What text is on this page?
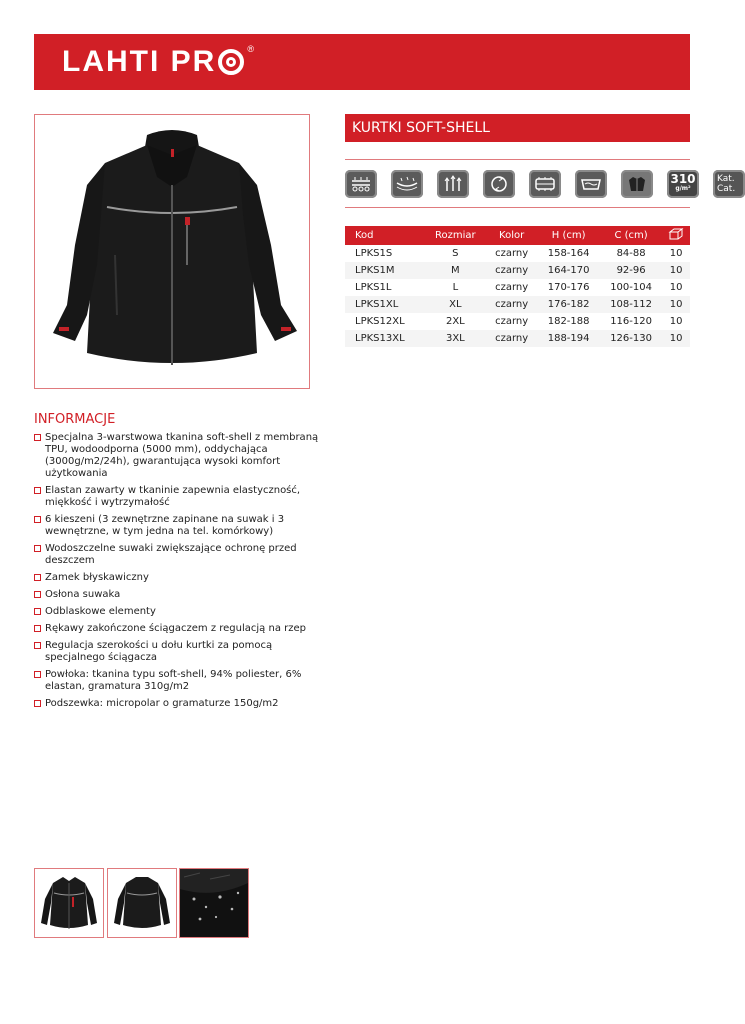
LAHTI PR	®
KURTKI SOFT-SHELL
310
g/m²
Kat.
Cat.
Kod	Rozmiar	Kolor	H (cm)	C (cm)	
LPKS1S	S	czarny	158-164	84-88	10
LPKS1M	M	czarny	164-170	92-96	10
LPKS1L	L	czarny	170-176	100-104	10
LPKS1XL	XL	czarny	176-182	108-112	10
LPKS12XL	2XL	czarny	182-188	116-120	10
LPKS13XL	3XL	czarny	188-194	126-130	10
INFORMACJE
Specjalna 3-warstwowa tkanina soft-shell z membraną TPU, wodoodporna (5000 mm), oddychająca (3000g/m2/24h), gwarantująca wysoki komfort użytkowania
Elastan zawarty w tkaninie zapewnia elastyczność, miękkość i wytrzymałość
6 kieszeni (3 zewnętrzne zapinane na suwak i 3 wewnętrzne, w tym jedna na tel. komórkowy)
Wodoszczelne suwaki zwiększające ochronę przed deszczem
Zamek błyskawiczny
Osłona suwaka
Odblaskowe elementy
Rękawy zakończone ściągaczem z regulacją na rzep
Regulacja szerokości u dołu kurtki za pomocą specjalnego ściągacza
Powłoka: tkanina typu soft-shell, 94% poliester, 6% elastan, gramatura 310g/m2
Podszewka: micropolar o gramaturze 150g/m2
